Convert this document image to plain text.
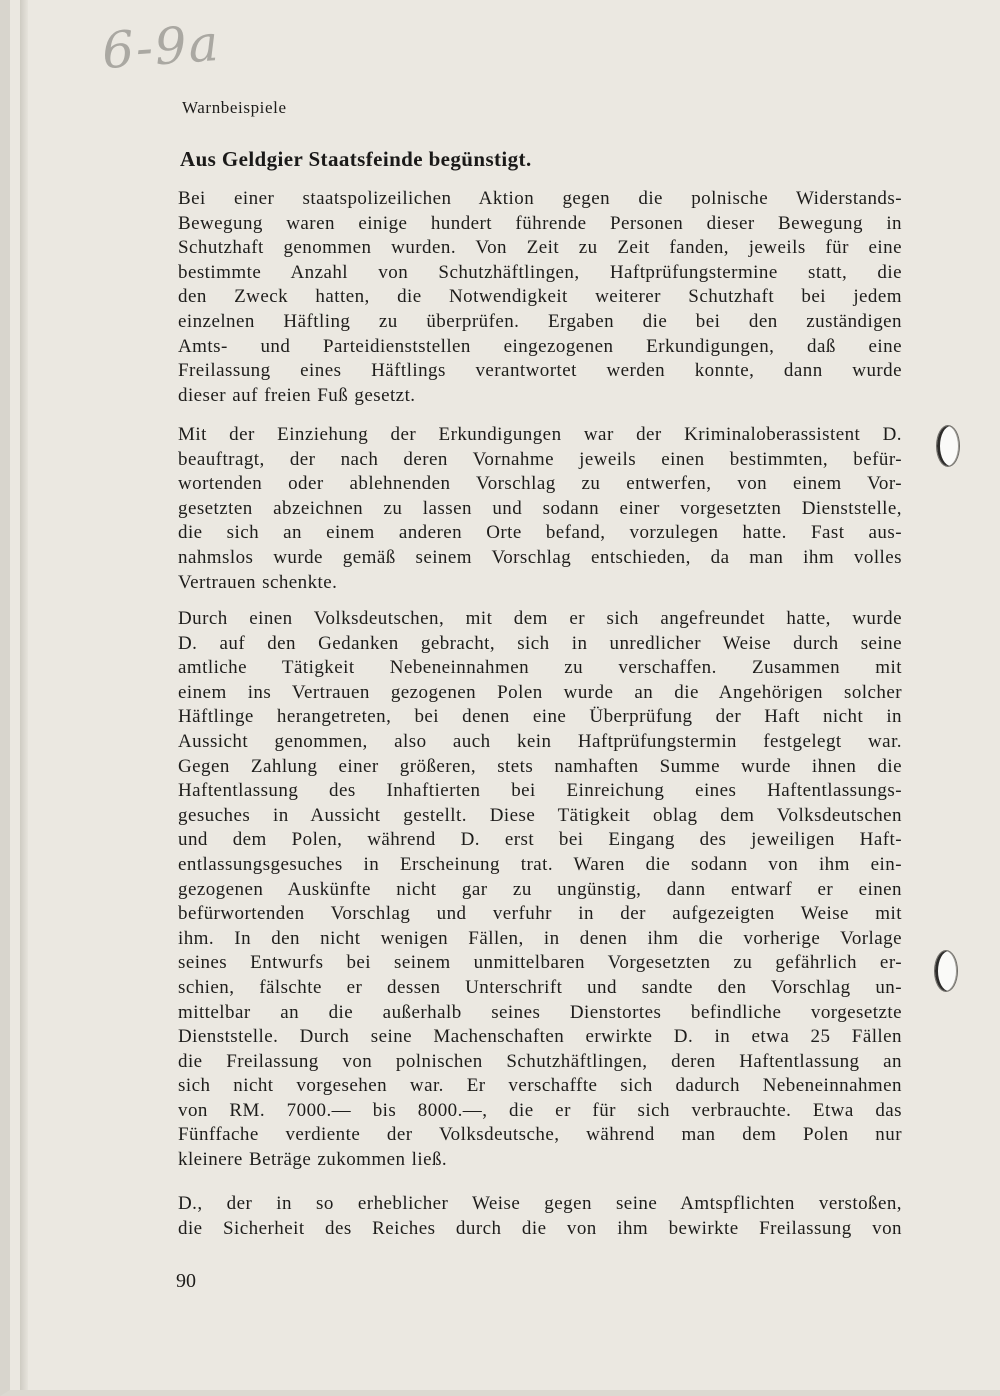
6-9a
Warnbeispiele
Aus Geldgier Staatsfeinde begünstigt.
Bei einer staatspolizeilichen Aktion gegen die polnische Widerstands-
Bewegung waren einige hundert führende Personen dieser Bewegung in
Schutzhaft genommen wurden. Von Zeit zu Zeit fanden, jeweils für eine
bestimmte Anzahl von Schutzhäftlingen, Haftprüfungstermine statt, die
den Zweck hatten, die Notwendigkeit weiterer Schutzhaft bei jedem
einzelnen Häftling zu überprüfen. Ergaben die bei den zuständigen
Amts- und Parteidienststellen eingezogenen Erkundigungen, daß eine
Freilassung eines Häftlings verantwortet werden konnte, dann wurde
dieser auf freien Fuß gesetzt.
Mit der Einziehung der Erkundigungen war der Kriminaloberassistent D.
beauftragt, der nach deren Vornahme jeweils einen bestimmten, befür-
wortenden oder ablehnenden Vorschlag zu entwerfen, von einem Vor-
gesetzten abzeichnen zu lassen und sodann einer vorgesetzten Dienststelle,
die sich an einem anderen Orte befand, vorzulegen hatte. Fast aus-
nahmslos wurde gemäß seinem Vorschlag entschieden, da man ihm volles
Vertrauen schenkte.
Durch einen Volksdeutschen, mit dem er sich angefreundet hatte, wurde
D. auf den Gedanken gebracht, sich in unredlicher Weise durch seine
amtliche Tätigkeit Nebeneinnahmen zu verschaffen. Zusammen mit
einem ins Vertrauen gezogenen Polen wurde an die Angehörigen solcher
Häftlinge herangetreten, bei denen eine Überprüfung der Haft nicht in
Aussicht genommen, also auch kein Haftprüfungstermin festgelegt war.
Gegen Zahlung einer größeren, stets namhaften Summe wurde ihnen die
Haftentlassung des Inhaftierten bei Einreichung eines Haftentlassungs-
gesuches in Aussicht gestellt. Diese Tätigkeit oblag dem Volksdeutschen
und dem Polen, während D. erst bei Eingang des jeweiligen Haft-
entlassungsgesuches in Erscheinung trat. Waren die sodann von ihm ein-
gezogenen Auskünfte nicht gar zu ungünstig, dann entwarf er einen
befürwortenden Vorschlag und verfuhr in der aufgezeigten Weise mit
ihm. In den nicht wenigen Fällen, in denen ihm die vorherige Vorlage
seines Entwurfs bei seinem unmittelbaren Vorgesetzten zu gefährlich er-
schien, fälschte er dessen Unterschrift und sandte den Vorschlag un-
mittelbar an die außerhalb seines Dienstortes befindliche vorgesetzte
Dienststelle. Durch seine Machenschaften erwirkte D. in etwa 25 Fällen
die Freilassung von polnischen Schutzhäftlingen, deren Haftentlassung an
sich nicht vorgesehen war. Er verschaffte sich dadurch Nebeneinnahmen
von RM. 7000.— bis 8000.—, die er für sich verbrauchte. Etwa das
Fünffache verdiente der Volksdeutsche, während man dem Polen nur
kleinere Beträge zukommen ließ.
D., der in so erheblicher Weise gegen seine Amtspflichten verstoßen,
die Sicherheit des Reiches durch die von ihm bewirkte Freilassung von
90
